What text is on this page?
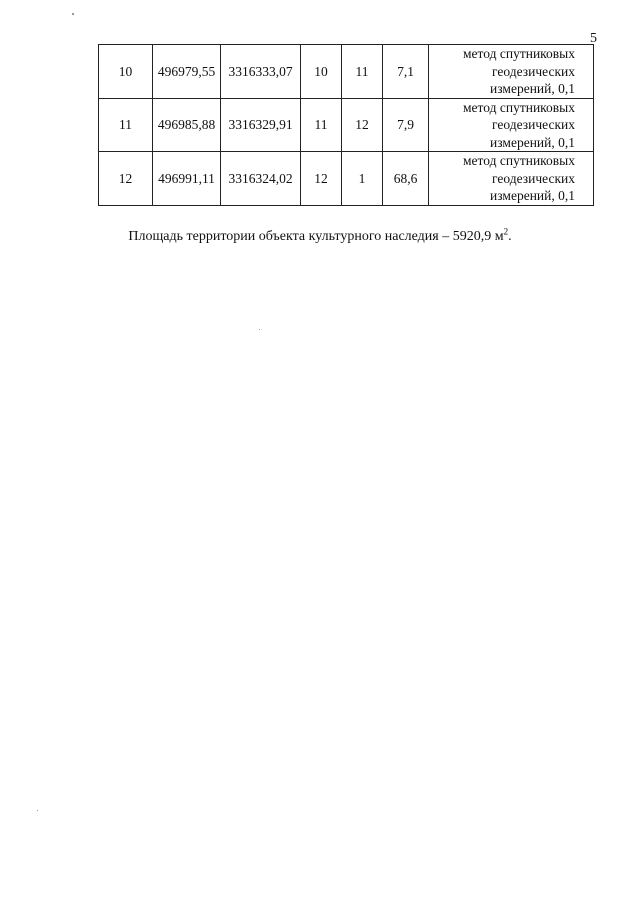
5
10	496979,55	3316333,07	10	11	7,1	метод спутниковых геодезических измерений, 0,1
11	496985,88	3316329,91	11	12	7,9	метод спутниковых геодезических измерений, 0,1
12	496991,11	3316324,02	12	1	68,6	метод спутниковых геодезических измерений, 0,1
Площадь территории объекта культурного наследия – 5920,9 $м^2$.
